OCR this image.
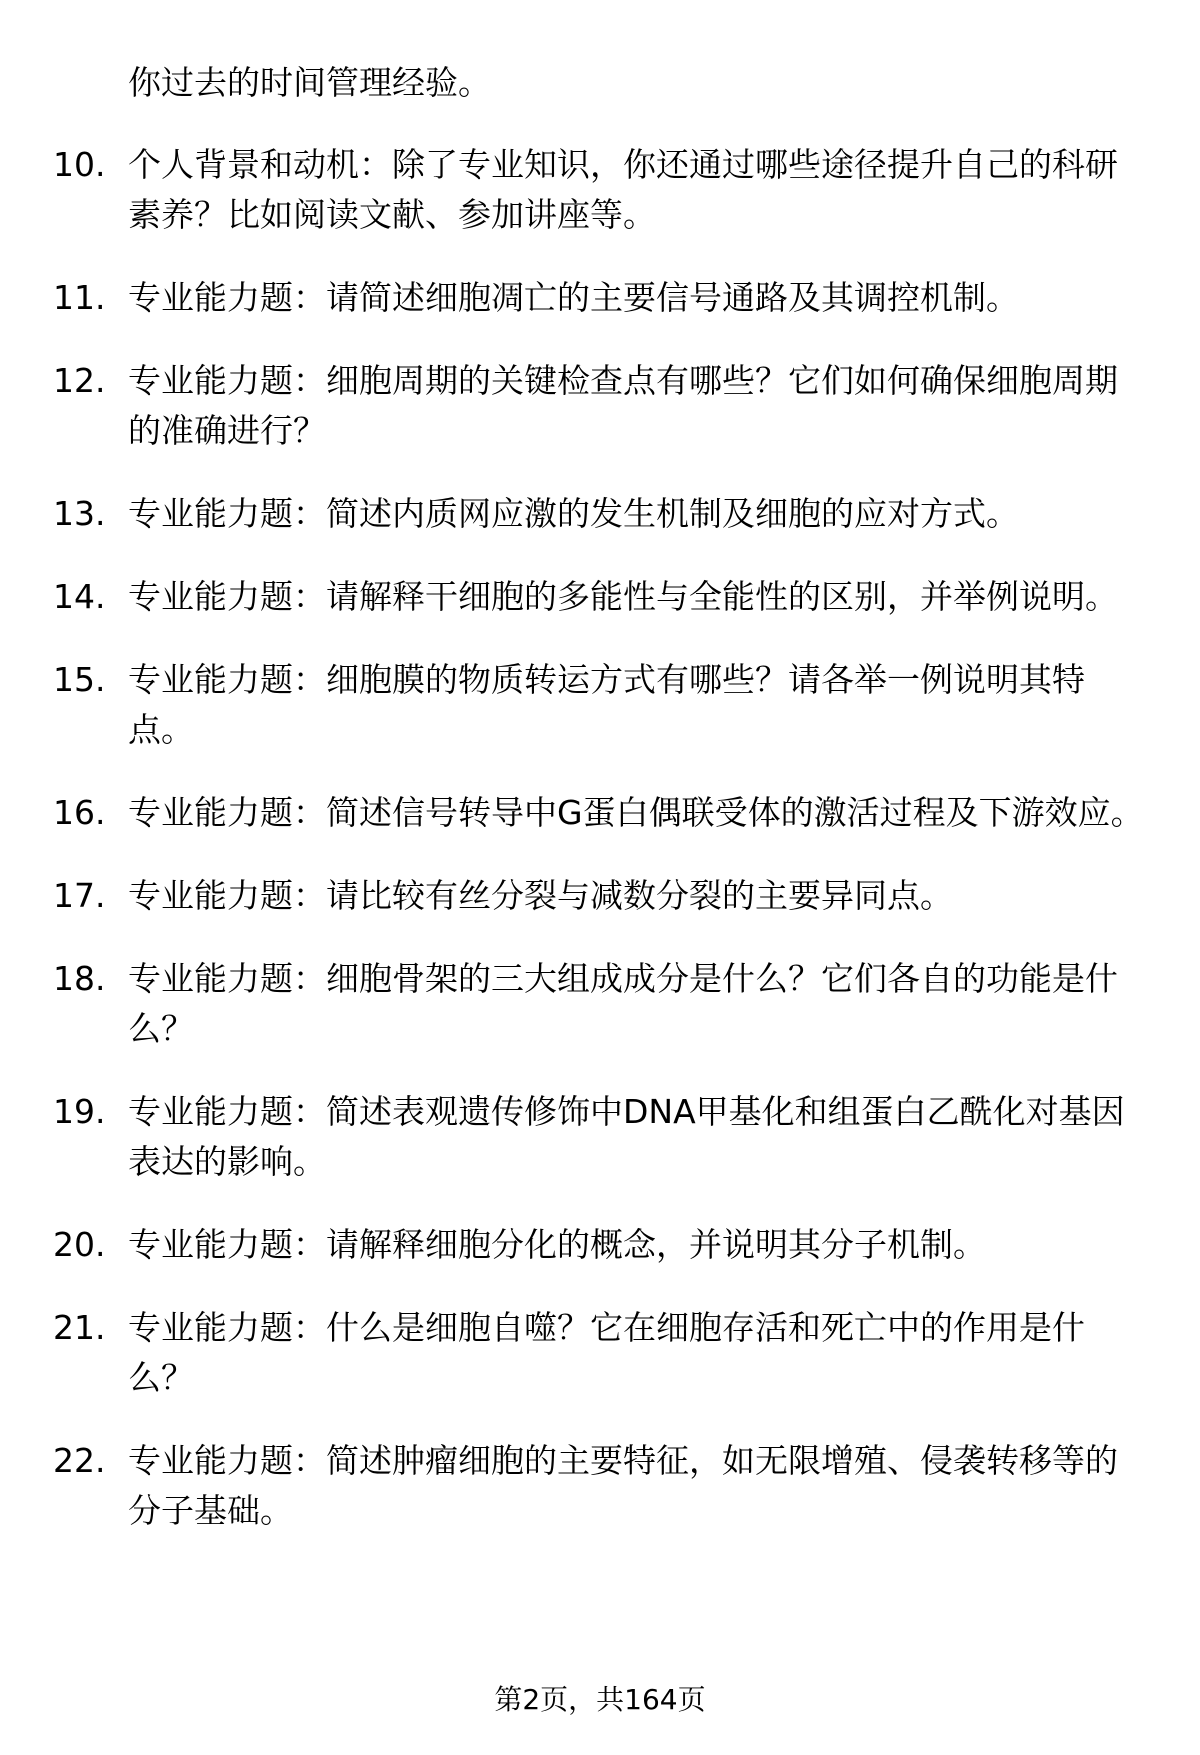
你过去的时间管理经验。
10. 个人背景和动机：除了专业知识，你还通过哪些途径提升自己的科研素养？比如阅读文献、参加讲座等。
11. 专业能力题：请简述细胞凋亡的主要信号通路及其调控机制。
12. 专业能力题：细胞周期的关键检查点有哪些？它们如何确保细胞周期的准确进行？
13. 专业能力题：简述内质网应激的发生机制及细胞的应对方式。
14. 专业能力题：请解释干细胞的多能性与全能性的区别，并举例说明。
15. 专业能力题：细胞膜的物质转运方式有哪些？请各举一例说明其特点。
16. 专业能力题：简述信号转导中G蛋白偶联受体的激活过程及下游效应。
17. 专业能力题：请比较有丝分裂与减数分裂的主要异同点。
18. 专业能力题：细胞骨架的三大组成成分是什么？它们各自的功能是什么？
19. 专业能力题：简述表观遗传修饰中DNA甲基化和组蛋白乙酰化对基因表达的影响。
20. 专业能力题：请解释细胞分化的概念，并说明其分子机制。
21. 专业能力题：什么是细胞自噬？它在细胞存活和死亡中的作用是什么？
22. 专业能力题：简述肿瘤细胞的主要特征，如无限增殖、侵袭转移等的分子基础。
第2页，共164页
